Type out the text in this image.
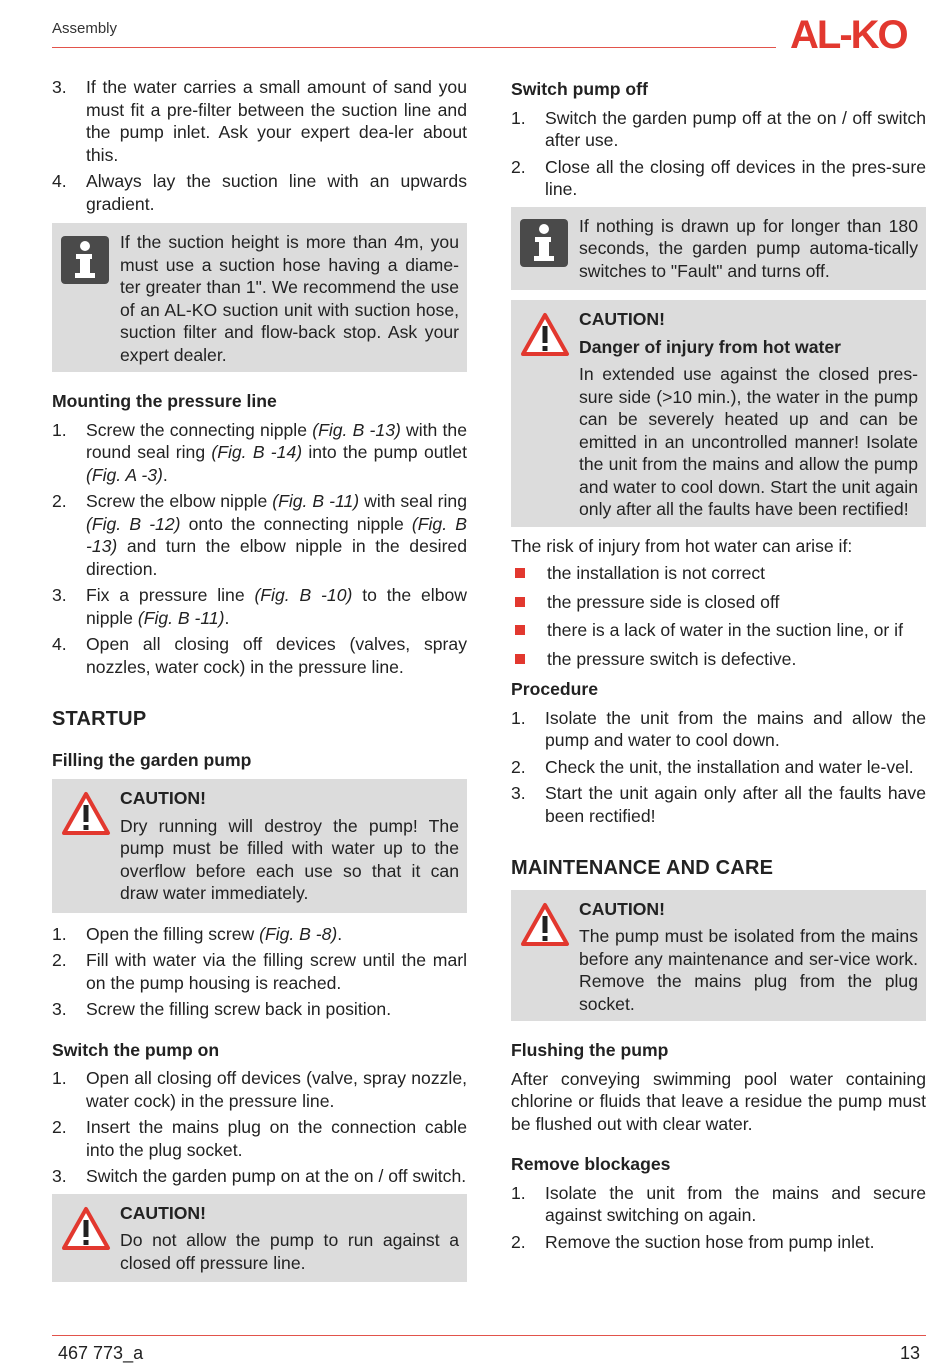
Assembly	AL-KO
3. If the water carries a small amount of sand you must fit a pre-filter between the suction line and the pump inlet. Ask your expert dea-ler about this.
4. Always lay the suction line with an upwards gradient.
If the suction height is more than 4m, you must use a suction hose having a diame-ter greater than 1". We recommend the use of an AL-KO suction unit with suction hose, suction filter and flow-back stop. Ask your expert dealer.
Mounting the pressure line
1. Screw the connecting nipple (Fig. B -13) with the round seal ring (Fig. B -14) into the pump outlet (Fig. A -3).
2. Screw the elbow nipple (Fig. B -11) with seal ring (Fig. B -12) onto the connecting nipple (Fig. B -13) and turn the elbow nipple in the desired direction.
3. Fix a pressure line (Fig. B -10) to the elbow nipple (Fig. B -11).
4. Open all closing off devices (valves, spray nozzles, water cock) in the pressure line.
STARTUP
Filling the garden pump
CAUTION!
Dry running will destroy the pump! The pump must be filled with water up to the overflow before each use so that it can draw water immediately.
1. Open the filling screw (Fig. B -8).
2. Fill with water via the filling screw until the marl on the pump housing is reached.
3. Screw the filling screw back in position.
Switch the pump on
1. Open all closing off devices (valve, spray nozzle, water cock) in the pressure line.
2. Insert the mains plug on the connection cable into the plug socket.
3. Switch the garden pump on at the on / off switch.
CAUTION!
Do not allow the pump to run against a closed off pressure line.
Switch pump off
1. Switch the garden pump off at the on / off switch after use.
2. Close all the closing off devices in the pres-sure line.
If nothing is drawn up for longer than 180 seconds, the garden pump automa-tically switches to "Fault" and turns off.
CAUTION!
Danger of injury from hot water
In extended use against the closed pres-sure side (>10 min.), the water in the pump can be severely heated up and can be emitted in an uncontrolled manner! Isolate the unit from the mains and allow the pump and water to cool down. Start the unit again only after all the faults have been rectified!
The risk of injury from hot water can arise if:
the installation is not correct
the pressure side is closed off
there is a lack of water in the suction line, or if
the pressure switch is defective.
Procedure
1. Isolate the unit from the mains and allow the pump and water to cool down.
2. Check the unit, the installation and water le-vel.
3. Start the unit again only after all the faults have been rectified!
MAINTENANCE AND CARE
CAUTION!
The pump must be isolated from the mains before any maintenance and ser-vice work. Remove the mains plug from the plug socket.
Flushing the pump
After conveying swimming pool water containing chlorine or fluids that leave a residue the pump must be flushed out with clear water.
Remove blockages
1. Isolate the unit from the mains and secure against switching on again.
2. Remove the suction hose from pump inlet.
467 773_a	13
